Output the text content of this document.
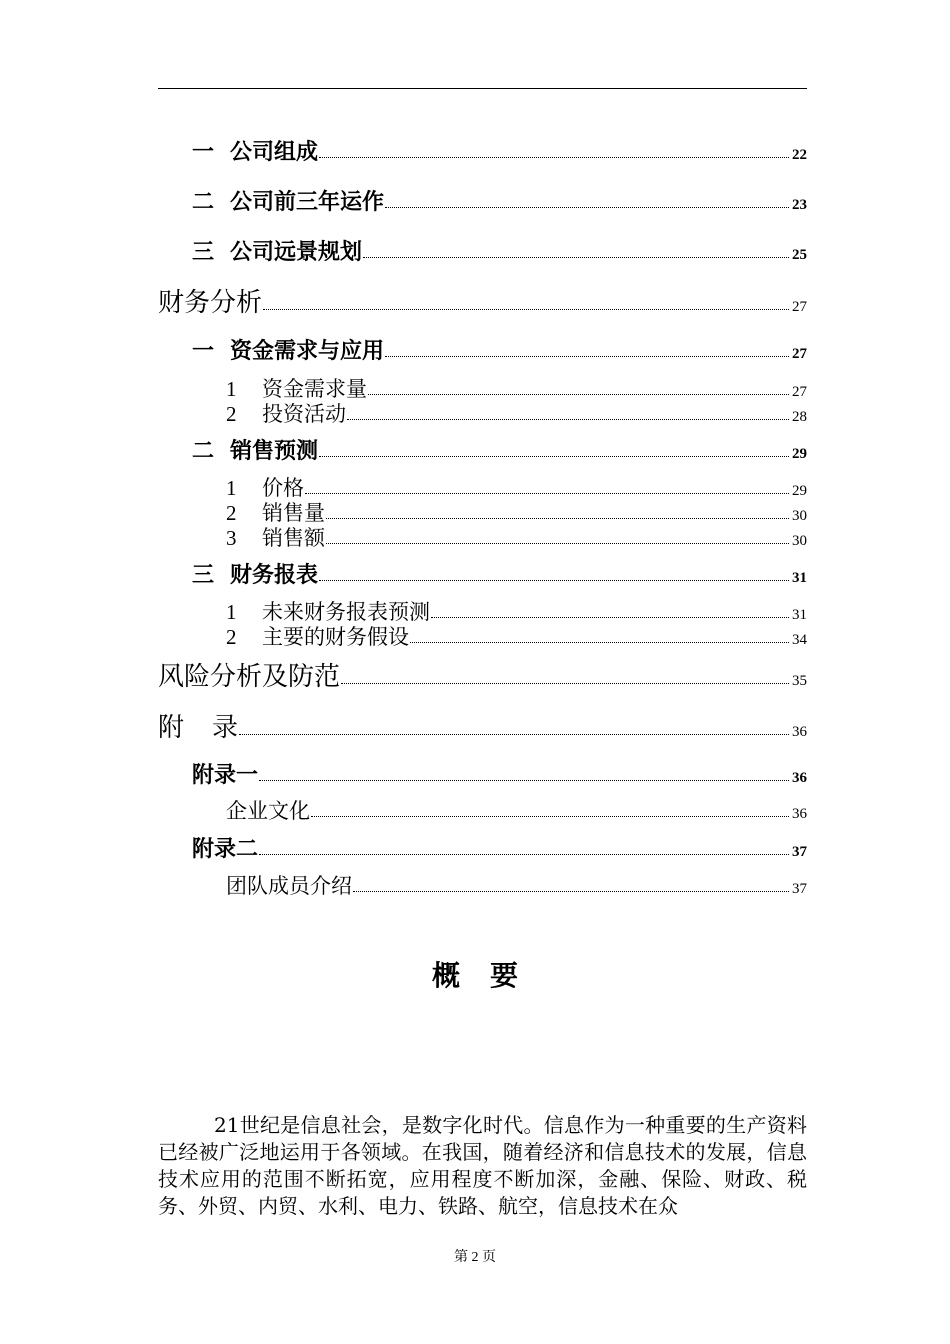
一 公司组成	22
二 公司前三年运作	23
三 公司远景规划	25
财务分析	27
一 资金需求与应用	27
1	资金需求量	27
2	投资活动	28
二 销售预测	29
1	价格	29
2	销售量	30
3	销售额	30
三 财务报表	31
1	未来财务报表预测	31
2	主要的财务假设	34
风险分析及防范	35
附 录	36
附录一	36
企业文化	36
附录二	37
团队成员介绍	37
概要
21世纪是信息社会，是数字化时代。信息作为一种重要的生产资料已经被广泛地运用于各领域。在我国，随着经济和信息技术的发展，信息技术应用的范围不断拓宽，应用程度不断加深，金融、保险、财政、税务、外贸、内贸、水利、电力、铁路、航空，信息技术在众
第 2 页
